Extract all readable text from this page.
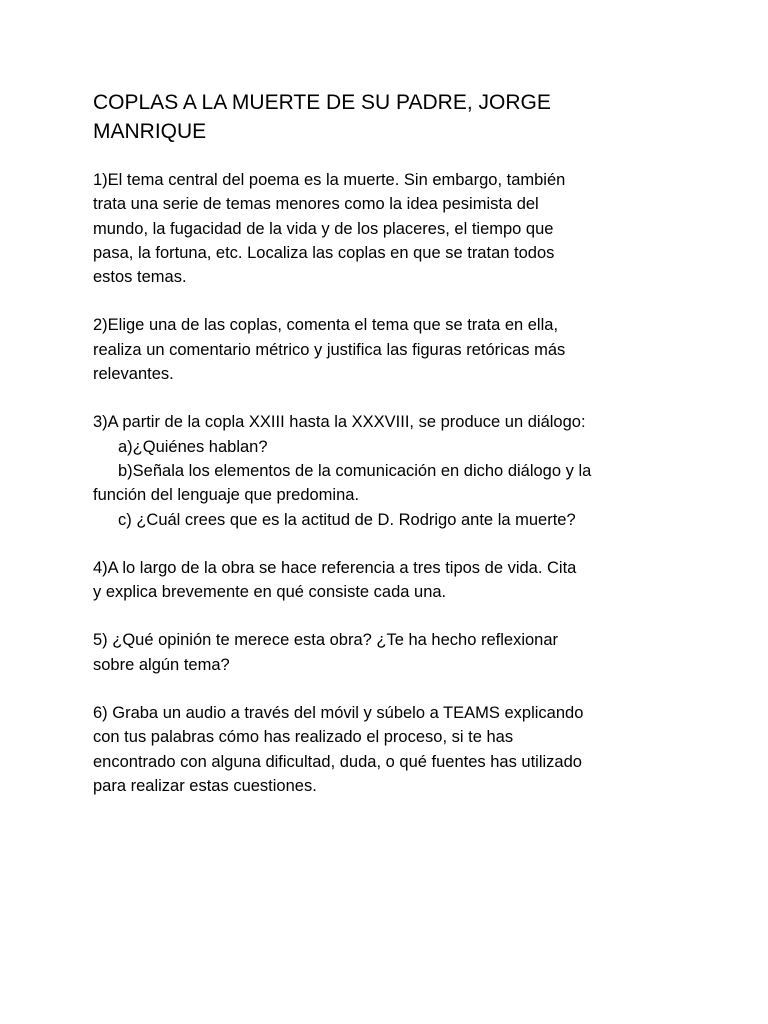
COPLAS A LA MUERTE DE SU PADRE, JORGE
MANRIQUE

1)El tema central del poema es la muerte. Sin embargo, también
trata una serie de temas menores como la idea pesimista del
mundo, la fugacidad de la vida y de los placeres, el tiempo que
pasa, la fortuna, etc. Localiza las coplas en que se tratan todos
estos temas.

2)Elige una de las coplas, comenta el tema que se trata en ella,
realiza un comentario métrico y justifica las figuras retóricas más
relevantes.

3)A partir de la copla XXIII hasta la XXXVIII, se produce un diálogo:

a)¿Quiénes hablan?

b)Señala los elementos de la comunicación en dicho diálogo y la

función del lenguaje que predomina.

c) ¿Cuál crees que es la actitud de D. Rodrigo ante la muerte?

4)A lo largo de la obra se hace referencia a tres tipos de vida. Cita
y explica brevemente en qué consiste cada una.

5) ¿Qué opinión te merece esta obra? ¿Te ha hecho reflexionar
sobre algún tema?

6) Graba un audio a través del móvil y súbelo a TEAMS explicando
con tus palabras cómo has realizado el proceso, si te has
encontrado con alguna dificultad, duda, o qué fuentes has utilizado
para realizar estas cuestiones.
